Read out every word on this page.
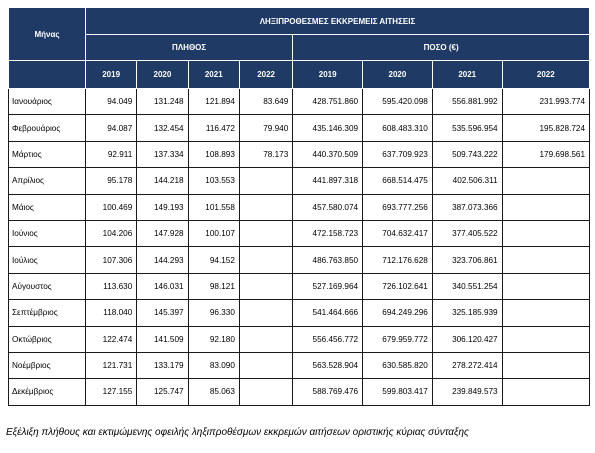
Μήνας	ΛΗΞΙΠΡΟΘΕΣΜΕΣ ΕΚΚΡΕΜΕΙΣ ΑΙΤΗΣΕΙΣ							
	ΠΛΗΘΟΣ				ΠΟΣΟ (€)			
	2019	2020	2021	2022	2019	2020	2021	2022
Ιανουάριος	94.049	131.248	121.894	83.649	428.751.860	595.420.098	556.881.992	231.993.774
Φεβρουάριος	94.087	132.454	116.472	79.940	435.146.309	608.483.310	535.596.954	195.828.724
Μάρτιος	92.911	137.334	108.893	78.173	440.370.509	637.709.923	509.743.222	179.698.561
Απρίλιος	95.178	144.218	103.553		441.897.318	668.514.475	402.506.311	
Μάιος	100.469	149.193	101.558		457.580.074	693.777.256	387.073.366	
Ιούνιος	104.206	147.928	100.107		472.158.723	704.632.417	377.405.522	
Ιούλιος	107.306	144.293	94.152		486.763.850	712.176.628	323.706.861	
Αύγουστος	113.630	146.031	98.121		527.169.964	726.102.641	340.551.254	
Σεπτέμβριος	118.040	145.397	96.330		541.464.666	694.249.296	325.185.939	
Οκτώβριος	122.474	141.509	92.180		556.456.772	679.959.772	306.120.427	
Νοέμβριος	121.731	133.179	83.090		563.528.904	630.585.820	278.272.414	
Δεκέμβριος	127.155	125.747	85.063		588.769.476	599.803.417	239.849.573	
Εξέλιξη πλήθους και εκτιμώμενης οφειλής ληξιπροθέσμων εκκρεμών αιτήσεων οριστικής κύριας σύνταξης
